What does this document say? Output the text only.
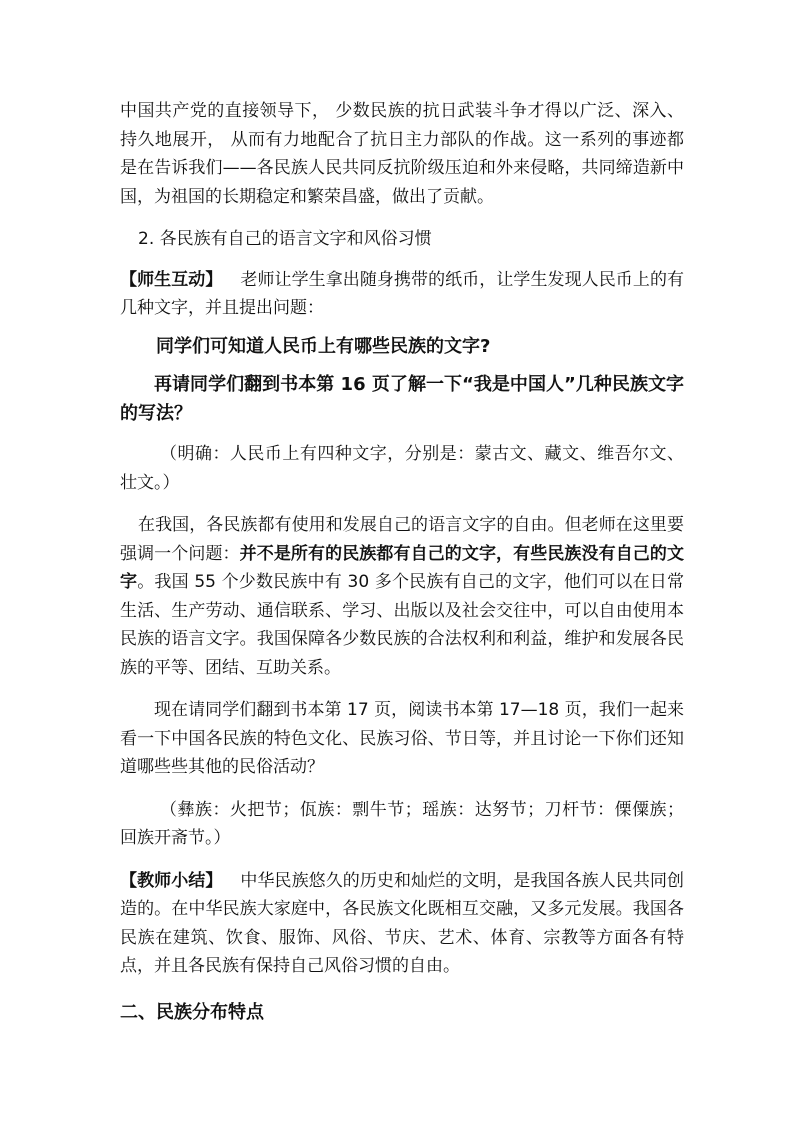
中国共产党的直接领导下， 少数民族的抗日武装斗争才得以广泛、深入、持久地展开， 从而有力地配合了抗日主力部队的作战。这一系列的事迹都是在告诉我们——各民族人民共同反抗阶级压迫和外来侵略，共同缔造新中国，为祖国的长期稳定和繁荣昌盛，做出了贡献。

2. 各民族有自己的语言文字和风俗习惯

【师生互动】 老师让学生拿出随身携带的纸币，让学生发现人民币上的有几种文字，并且提出问题：

同学们可知道人民币上有哪些民族的文字?

再请同学们翻到书本第 16 页了解一下“我是中国人”几种民族文字的写法？

（明确：人民币上有四种文字，分别是：蒙古文、藏文、维吾尔文、壮文。）

在我国，各民族都有使用和发展自己的语言文字的自由。但老师在这里要强调一个问题：并不是所有的民族都有自己的文字，有些民族没有自己的文字。我国 55 个少数民族中有 30 多个民族有自己的文字，他们可以在日常生活、生产劳动、通信联系、学习、出版以及社会交往中，可以自由使用本民族的语言文字。我国保障各少数民族的合法权利和利益，维护和发展各民族的平等、团结、互助关系。

现在请同学们翻到书本第 17 页，阅读书本第 17—18 页，我们一起来看一下中国各民族的特色文化、民族习俗、节日等，并且讨论一下你们还知道哪些些其他的民俗活动？

（彝族：火把节；佤族：剽牛节；瑶族：达努节；刀杆节：傈僳族；回族开斋节。）

【教师小结】 中华民族悠久的历史和灿烂的文明，是我国各族人民共同创造的。在中华民族大家庭中，各民族文化既相互交融，又多元发展。我国各民族在建筑、饮食、服饰、风俗、节庆、艺术、体育、宗教等方面各有特点，并且各民族有保持自己风俗习惯的自由。

二、民族分布特点
